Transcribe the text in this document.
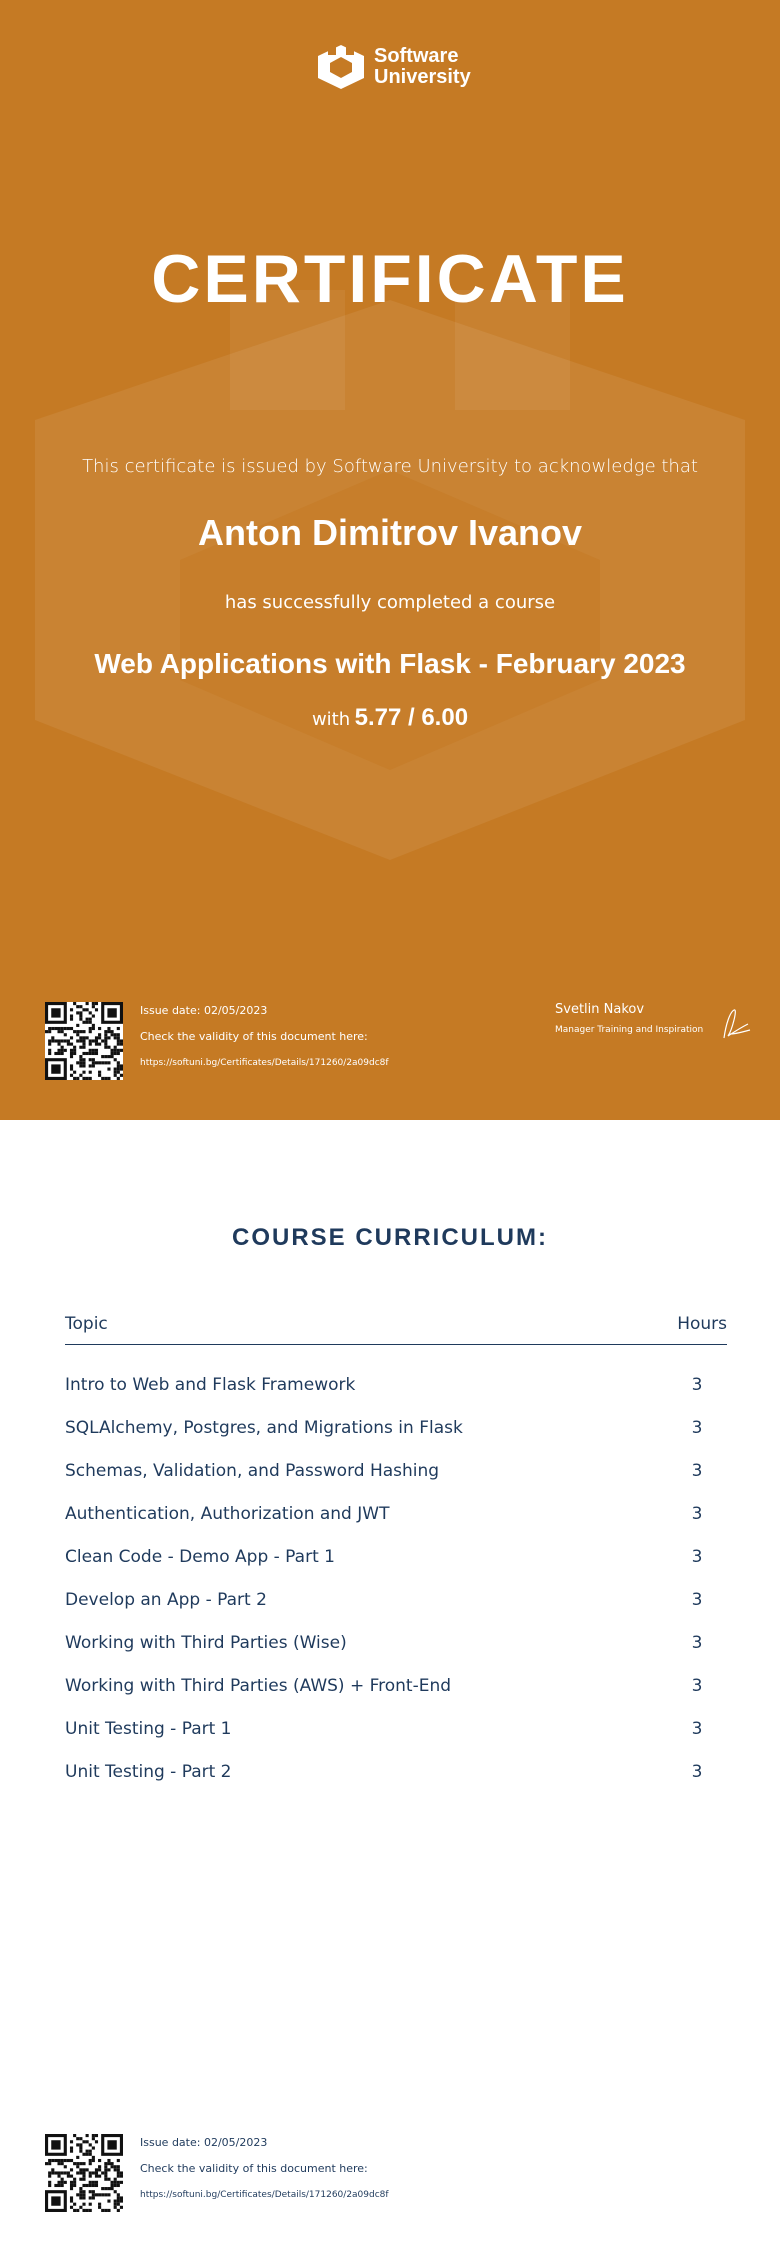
Software
University
CERTIFICATE
This certificate is issued by Software University to acknowledge that
Anton Dimitrov Ivanov
has successfully completed a course
Web Applications with Flask - February 2023
with 5.77 / 6.00
Issue date: 02/05/2023
Check the validity of this document here:
https://softuni.bg/Certificates/Details/171260/2a09dc8f
Svetlin Nakov
Manager Training and Inspiration
COURSE CURRICULUM:
Topic	Hours
Intro to Web and Flask Framework	3
SQLAlchemy, Postgres, and Migrations in Flask	3
Schemas, Validation, and Password Hashing	3
Authentication, Authorization and JWT	3
Clean Code - Demo App - Part 1	3
Develop an App - Part 2	3
Working with Third Parties (Wise)	3
Working with Third Parties (AWS) + Front-End	3
Unit Testing - Part 1	3
Unit Testing - Part 2	3
Issue date: 02/05/2023
Check the validity of this document here:
https://softuni.bg/Certificates/Details/171260/2a09dc8f
